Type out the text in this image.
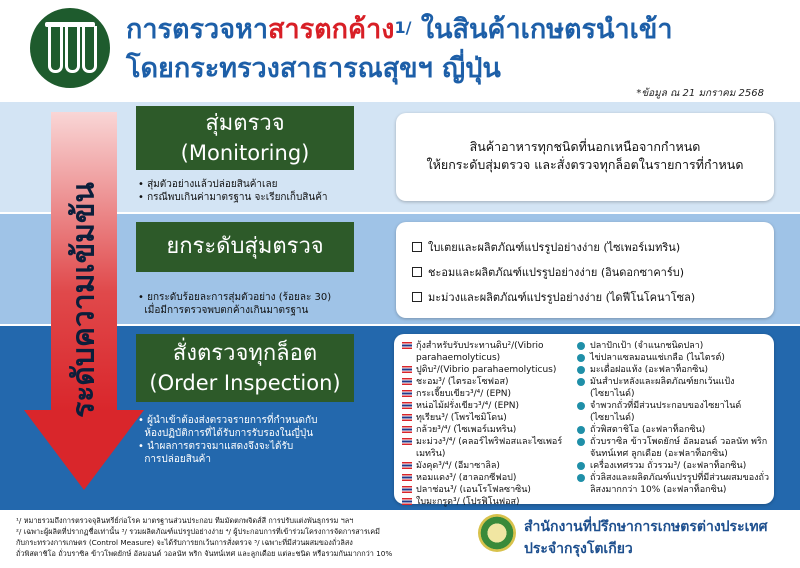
การตรวจหาสารตกค้าง$^{1/}$ ในสินค้าเกษตรนำเข้า
โดยกระทรวงสาธารณสุขฯ ญี่ปุ่น
*ข้อมูล ณ 21 มกราคม 2568
ระดับความเข้มข้น
สุ่มตรวจ
(Monitoring)
• สุ่มตัวอย่างแล้วปล่อยสินค้าเลย
• กรณีพบเกินค่ามาตรฐาน จะเรียกเก็บสินค้า
สินค้าอาหารทุกชนิดที่นอกเหนือจากกำหนด
ให้ยกระดับสุ่มตรวจ และสั่งตรวจทุกล็อตในรายการที่กำหนด
ยกระดับสุ่มตรวจ
• ยกระดับร้อยละการสุ่มตัวอย่าง (ร้อยละ 30)
เมื่อมีการตรวจพบตกค้างเกินมาตรฐาน
ใบเตยและผลิตภัณฑ์แปรรูปอย่างง่าย (ไซเพอร์เมทริน)
ชะอมและผลิตภัณฑ์แปรรูปอย่างง่าย (อินดอกซาคาร์บ)
มะม่วงและผลิตภัณฑ์แปรรูปอย่างง่าย (ไดฟีโนโคนาโซล)
สั่งตรวจทุกล็อต
(Order Inspection)
• ผู้นำเข้าต้องส่งตรวจรายการที่กำหนดกับ
ห้องปฏิบัติการที่ได้รับการรับรองในญี่ปุ่น
• นำผลการตรวจมาแสดงจึงจะได้รับ
การปล่อยสินค้า
กุ้งสำหรับรับประทานดิบ²/(Vibrio parahaemolyticus)
ปูดิบ²/(Vibrio parahaemolyticus)
ชะอม³/ (ไตรอะโซฟอส)
กระเจี๊ยบเขียว³/⁴/ (EPN)
หน่อไม้ฝรั่งเขียว³/⁴/ (EPN)
ทุเรียน³/ (โพรไซมิโดน)
กล้วย³/⁴/ (ไซเพอร์เมทริน)
มะม่วง³/⁴/ (คลอร์ไพริฟอสและไซเพอร์เมทริน)
มังคุด³/⁴/ (อีมาซาลิล)
หอมแดง³/ (ฮาลอกซีฟอป)
ปลาช่อน³/ (เอนโรโฟลซาซิน)
ใบมะกรูด³/ (โปรฟิโนฟอส)
ปลาปักเป้า (จำแนกชนิดปลา)
ไข่ปลาแซลมอนแช่เกลือ (ไนไตรต์)
มะเดื่อฝอแห้ง (อะฟลาท็อกซิน)
มันสำปะหลังและผลิตภัณฑ์ยกเว้นแป้ง (ไซยาไนด์)
จำพวกถั่วที่มีส่วนประกอบของไซยาไนด์ (ไซยาไนด์)
ถั่วพิสตาชิโอ (อะฟลาท็อกซิน)
ถั่วบราซิล ข้าวโพดยักษ์ อัลมอนด์ วอลนัท พริก จันทน์เทศ ลูกเดือย (อะฟลาท็อกซิน)
เครื่องเทศรวม ถั่วรวม³/ (อะฟลาท็อกซิน)
ถั่วลิสงและผลิตภัณฑ์แปรรูปที่มีส่วนผสมของถั่วลิสงมากกว่า 10% (อะฟลาท็อกซิน)
¹/ หมายรวมถึงการตรวจจุลินทรีย์ก่อโรค มาตรฐานส่วนประกอบ ทีมมัดตกพจิดส์สี การปรับแต่งพันธุกรรม ฯลฯ
²/ เฉพาะผู้ผลิตที่ปรากฏชื่อเท่านั้น ³/ รวมผลิตภัณฑ์แปรรูปอย่างง่าย ⁴/ ผู้ประกอบการที่เข้าร่วมโครงการจัดการสารเคมี
กับกระทรวงการเกษตร (Control Measure) จะได้รับการยกเว้นการสั่งตรวจ ⁵/ เฉพาะที่มีส่วนผสมของถั่วลิสง
ถั่วพิสตาชิโอ ถั่วบราซิล ข้าวโพดยักษ์ อัลมอนด์ วอลนัท พริก จันทน์เทศ และลูกเดือย แต่ละชนิด หรือรวมกันมากกว่า 10%
สำนักงานที่ปรึกษาการเกษตรต่างประเทศ
ประจำกรุงโตเกียว
